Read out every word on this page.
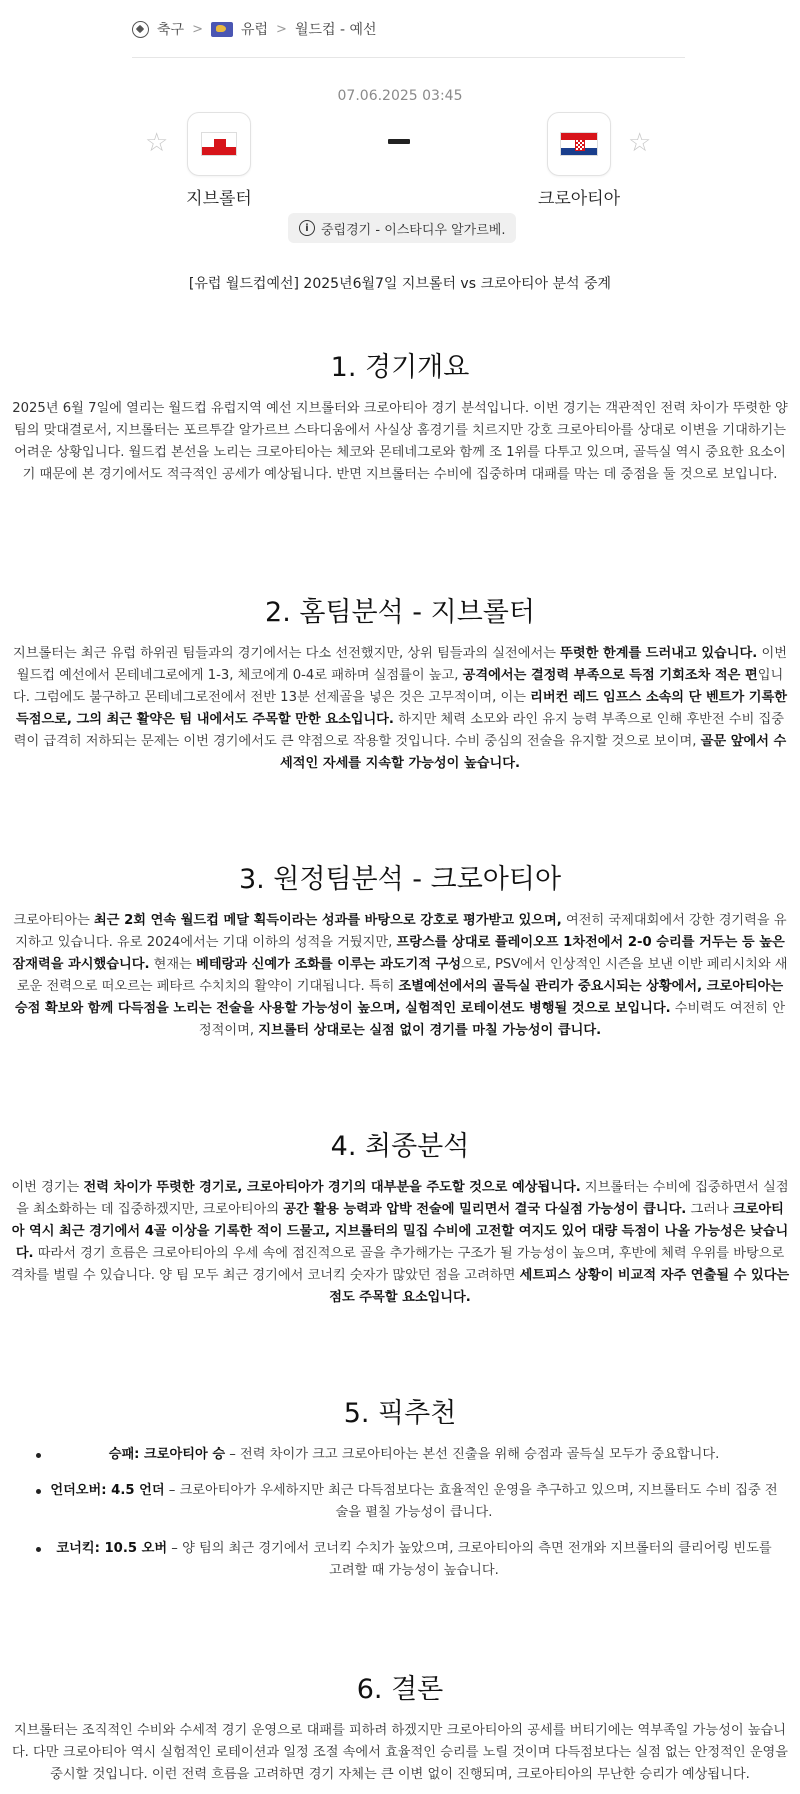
축구 >	유럽 > 월드컵 - 예선
07.06.2025 03:45
☆
지브롤터	크로아티아
☆
i 중립경기 - 이스타디우 알가르베.
[유럽 월드컵예선] 2025년6월7일 지브롤터 vs 크로아티아 분석 중계
1. 경기개요

2025년 6월 7일에 열리는 월드컵 유럽지역 예선 지브롤터와 크로아티아 경기 분석입니다. 이번 경기는 객관적인 전력 차이가 뚜렷한 양 팀의 맞대결로서, 지브롤터는 포르투갈 알가르브 스타디움에서 사실상 홈경기를 치르지만 강호 크로아티아를 상대로 이변을 기대하기는 어려운 상황입니다. 월드컵 본선을 노리는 크로아티아는 체코와 몬테네그로와 함께 조 1위를 다투고 있으며, 골득실 역시 중요한 요소이기 때문에 본 경기에서도 적극적인 공세가 예상됩니다. 반면 지브롤터는 수비에 집중하며 대패를 막는 데 중점을 둘 것으로 보입니다.

2. 홈팀분석 - 지브롤터

지브롤터는 최근 유럽 하위권 팀들과의 경기에서는 다소 선전했지만, 상위 팀들과의 실전에서는 뚜렷한 한계를 드러내고 있습니다. 이번 월드컵 예선에서 몬테네그로에게 1-3, 체코에게 0-4로 패하며 실점률이 높고, 공격에서는 결정력 부족으로 득점 기회조차 적은 편입니다. 그럼에도 불구하고 몬테네그로전에서 전반 13분 선제골을 넣은 것은 고무적이며, 이는 리버컨 레드 임프스 소속의 단 벤트가 기록한 득점으로, 그의 최근 활약은 팀 내에서도 주목할 만한 요소입니다. 하지만 체력 소모와 라인 유지 능력 부족으로 인해 후반전 수비 집중력이 급격히 저하되는 문제는 이번 경기에서도 큰 약점으로 작용할 것입니다. 수비 중심의 전술을 유지할 것으로 보이며, 골문 앞에서 수세적인 자세를 지속할 가능성이 높습니다.

3. 원정팀분석 - 크로아티아

크로아티아는 최근 2회 연속 월드컵 메달 획득이라는 성과를 바탕으로 강호로 평가받고 있으며, 여전히 국제대회에서 강한 경기력을 유지하고 있습니다. 유로 2024에서는 기대 이하의 성적을 거뒀지만, 프랑스를 상대로 플레이오프 1차전에서 2-0 승리를 거두는 등 높은 잠재력을 과시했습니다. 현재는 베테랑과 신예가 조화를 이루는 과도기적 구성으로, PSV에서 인상적인 시즌을 보낸 이반 페리시치와 새로운 전력으로 떠오르는 페타르 수치치의 활약이 기대됩니다. 특히 조별예선에서의 골득실 관리가 중요시되는 상황에서, 크로아티아는 승점 확보와 함께 다득점을 노리는 전술을 사용할 가능성이 높으며, 실험적인 로테이션도 병행될 것으로 보입니다. 수비력도 여전히 안정적이며, 지브롤터 상대로는 실점 없이 경기를 마칠 가능성이 큽니다.

4. 최종분석

이번 경기는 전력 차이가 뚜렷한 경기로, 크로아티아가 경기의 대부분을 주도할 것으로 예상됩니다. 지브롤터는 수비에 집중하면서 실점을 최소화하는 데 집중하겠지만, 크로아티아의 공간 활용 능력과 압박 전술에 밀리면서 결국 다실점 가능성이 큽니다. 그러나 크로아티아 역시 최근 경기에서 4골 이상을 기록한 적이 드물고, 지브롤터의 밀집 수비에 고전할 여지도 있어 대량 득점이 나올 가능성은 낮습니다. 따라서 경기 흐름은 크로아티아의 우세 속에 점진적으로 골을 추가해가는 구조가 될 가능성이 높으며, 후반에 체력 우위를 바탕으로 격차를 벌릴 수 있습니다. 양 팀 모두 최근 경기에서 코너킥 숫자가 많았던 점을 고려하면 세트피스 상황이 비교적 자주 연출될 수 있다는 점도 주목할 요소입니다.

5. 픽추천
승패: 크로아티아 승 – 전력 차이가 크고 크로아티아는 본선 진출을 위해 승점과 골득실 모두가 중요합니다.
언더오버: 4.5 언더 – 크로아티아가 우세하지만 최근 다득점보다는 효율적인 운영을 추구하고 있으며, 지브롤터도 수비 집중 전술을 펼칠 가능성이 큽니다.
코너킥: 10.5 오버 – 양 팀의 최근 경기에서 코너킥 수치가 높았으며, 크로아티아의 측면 전개와 지브롤터의 클리어링 빈도를 고려할 때 가능성이 높습니다.
6. 결론

지브롤터는 조직적인 수비와 수세적 경기 운영으로 대패를 피하려 하겠지만 크로아티아의 공세를 버티기에는 역부족일 가능성이 높습니다. 다만 크로아티아 역시 실험적인 로테이션과 일정 조절 속에서 효율적인 승리를 노릴 것이며 다득점보다는 실점 없는 안정적인 운영을 중시할 것입니다. 이런 전력 흐름을 고려하면 경기 자체는 큰 이변 없이 진행되며, 크로아티아의 무난한 승리가 예상됩니다.
